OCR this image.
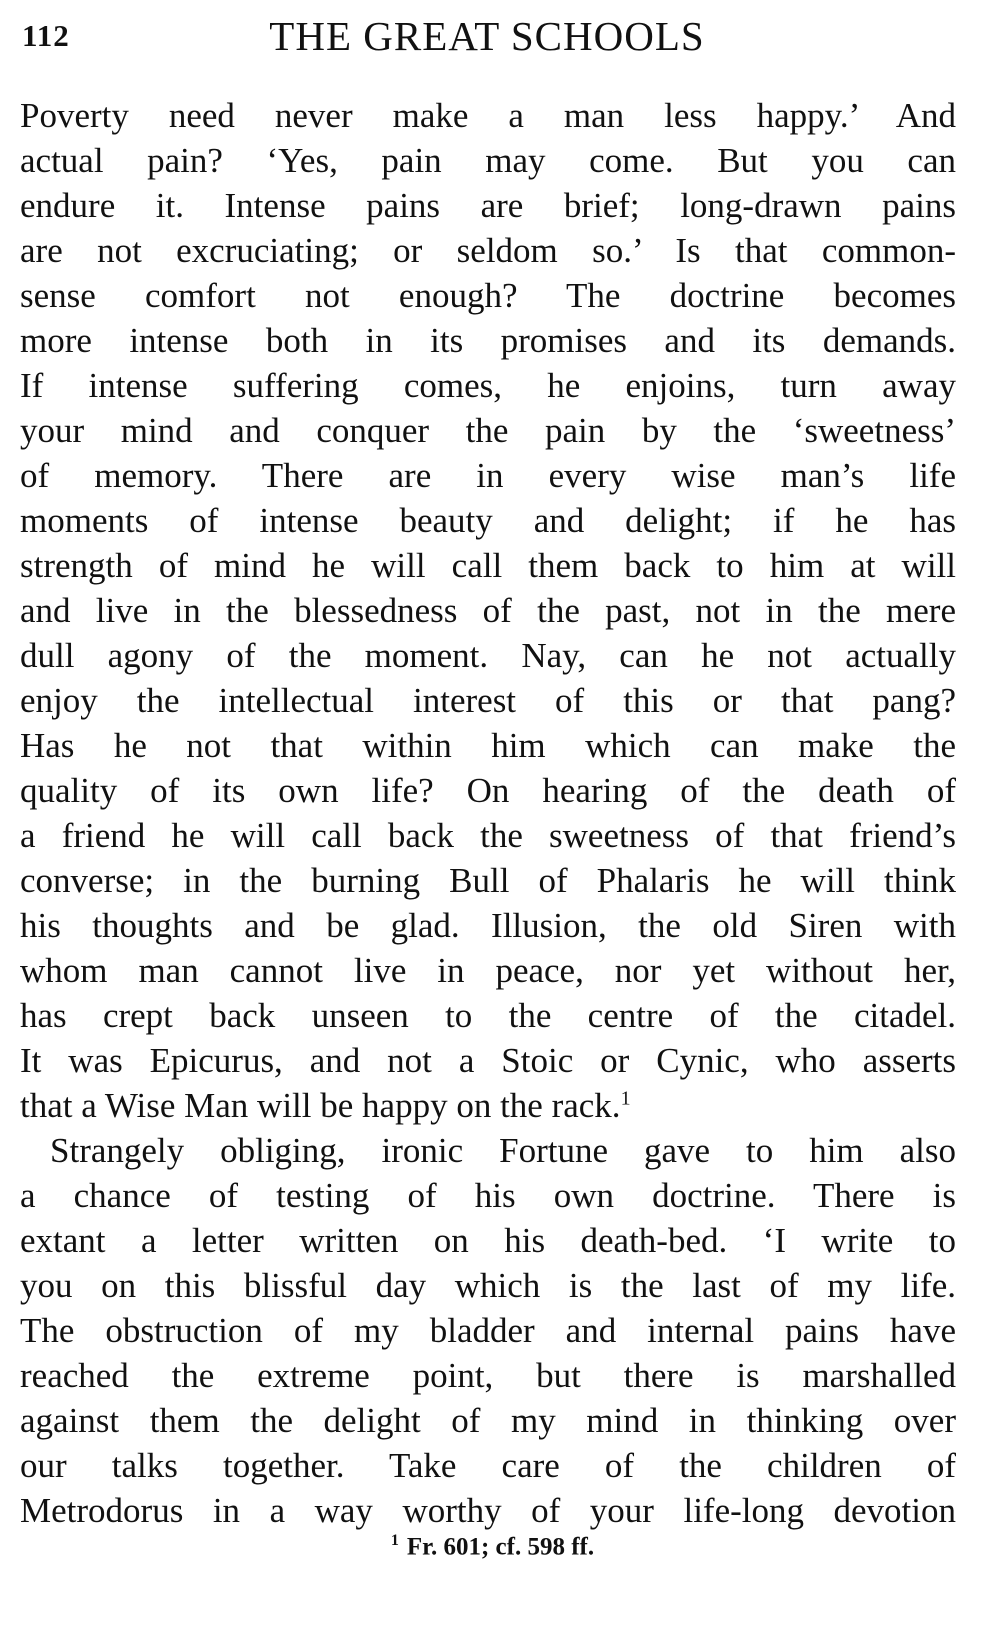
112	THE GREAT SCHOOLS
Poverty need never make a man less happy.’ And
actual pain? ‘Yes, pain may come. But you can
endure it. Intense pains are brief; long-drawn pains
are not excruciating; or seldom so.’ Is that common-
sense comfort not enough? The doctrine becomes
more intense both in its promises and its demands.
If intense suffering comes, he enjoins, turn away
your mind and conquer the pain by the ‘sweetness’
of memory. There are in every wise man’s life
moments of intense beauty and delight; if he has
strength of mind he will call them back to him at will
and live in the blessedness of the past, not in the mere
dull agony of the moment. Nay, can he not actually
enjoy the intellectual interest of this or that pang?
Has he not that within him which can make the
quality of its own life? On hearing of the death of
a friend he will call back the sweetness of that friend’s
converse; in the burning Bull of Phalaris he will think
his thoughts and be glad. Illusion, the old Siren with
whom man cannot live in peace, nor yet without her,
has crept back unseen to the centre of the citadel.
It was Epicurus, and not a Stoic or Cynic, who asserts
that a Wise Man will be happy on the rack.$^1$
Strangely obliging, ironic Fortune gave to him also
a chance of testing of his own doctrine. There is
extant a letter written on his death-bed. ‘I write to
you on this blissful day which is the last of my life.
The obstruction of my bladder and internal pains have
reached the extreme point, but there is marshalled
against them the delight of my mind in thinking over
our talks together. Take care of the children of
Metrodorus in a way worthy of your life-long devotion
$^1$ Fr. 601; cf. 598 ff.
